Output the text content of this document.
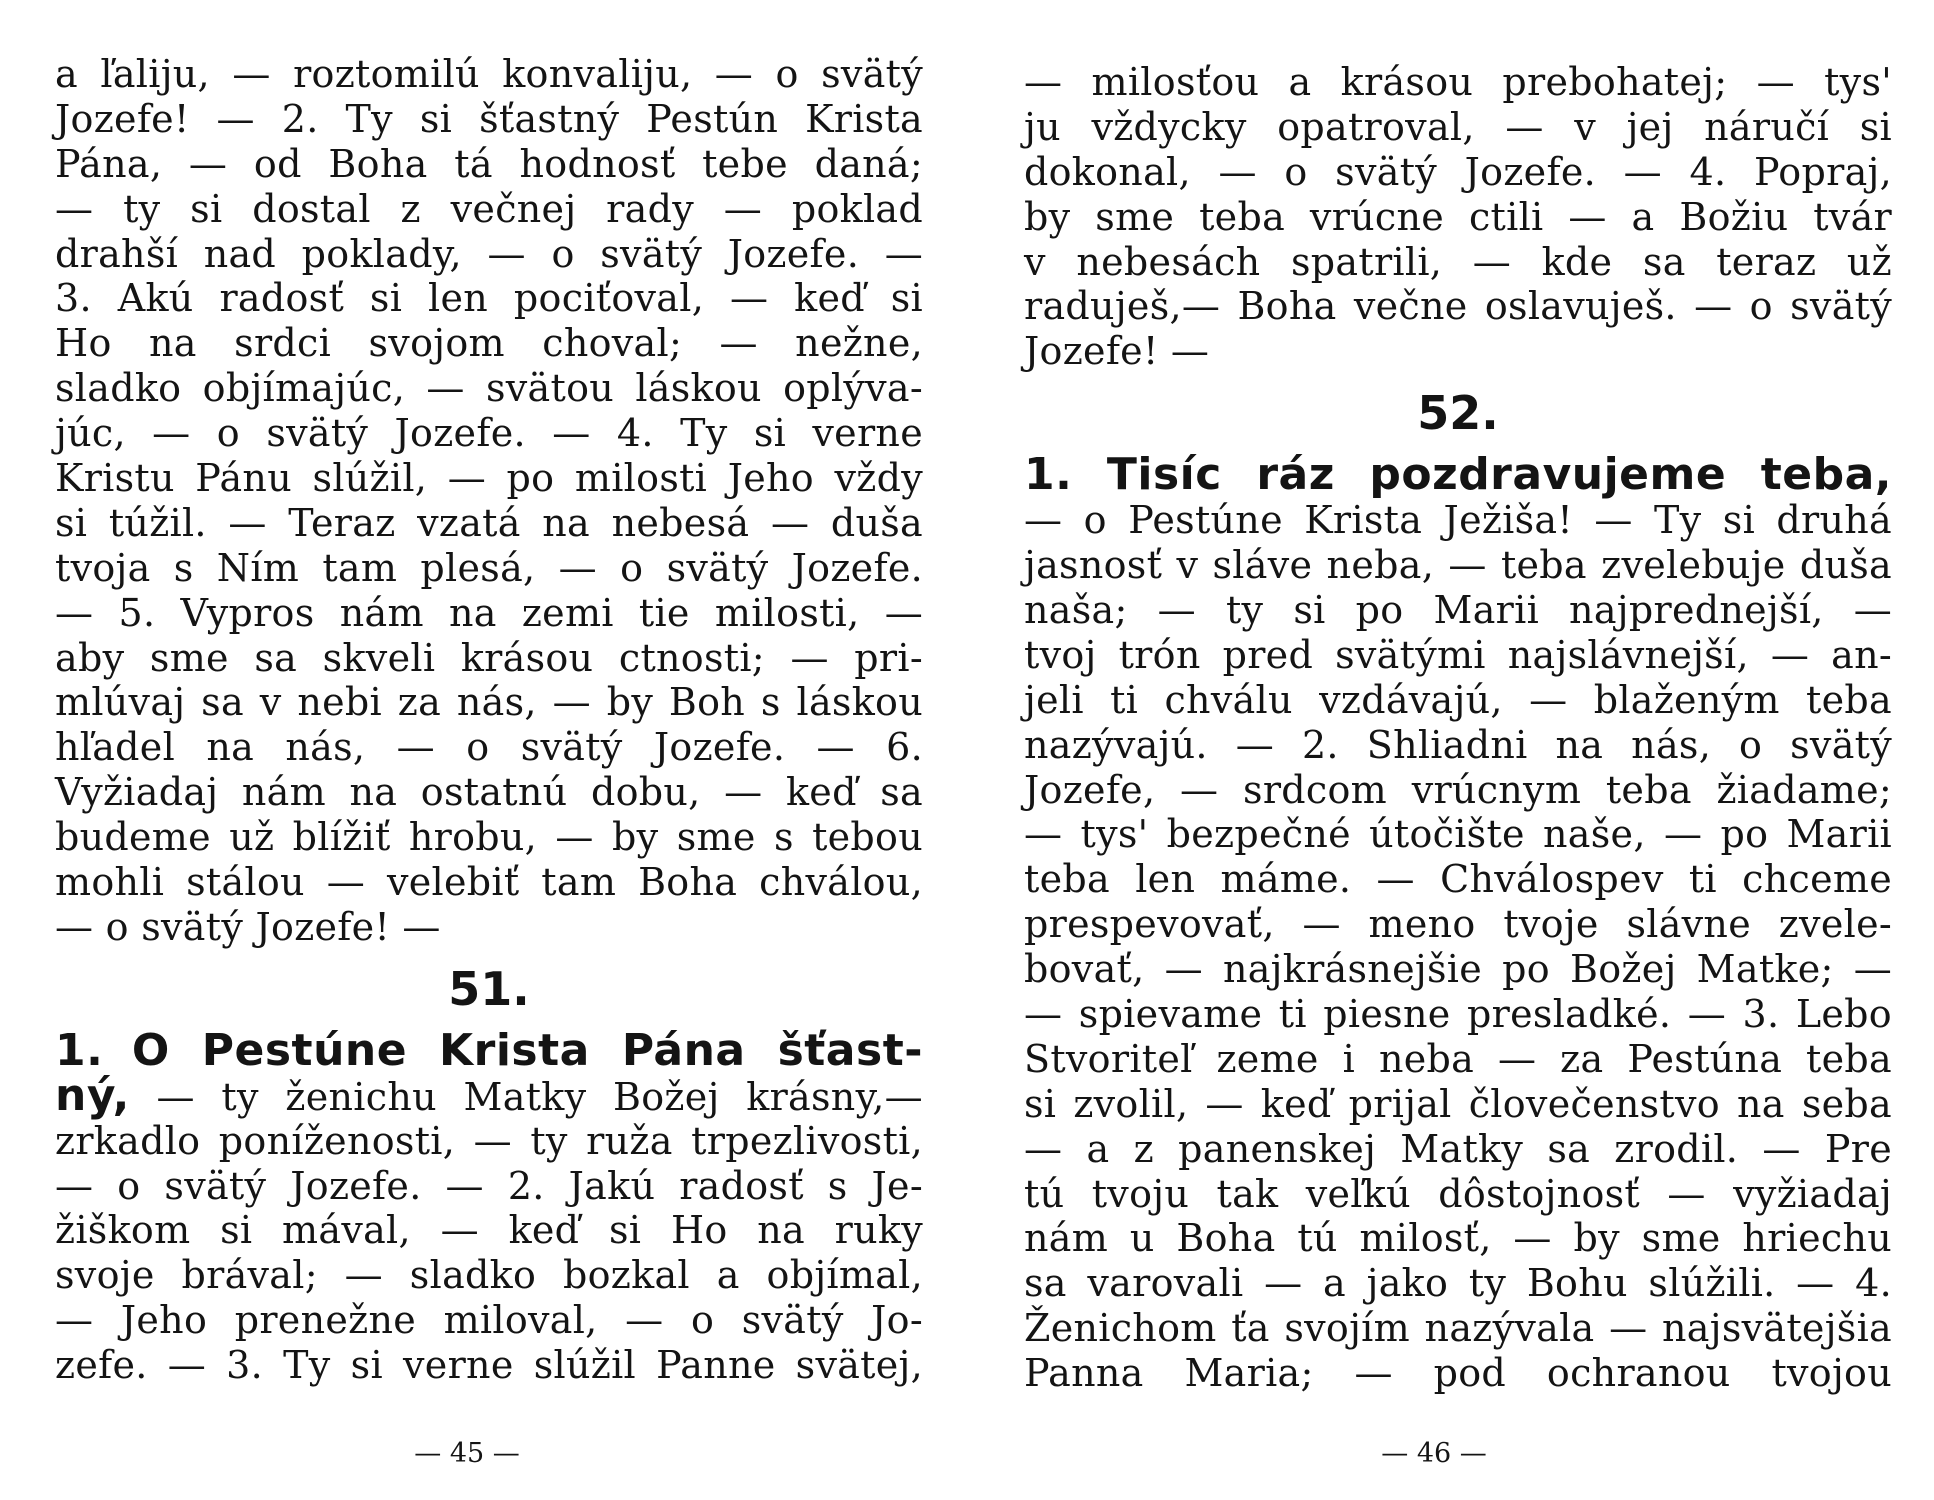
a ľaliju, — roztomilú konvaliju, — o svätý
Jozefe! — 2. Ty si šťastný Pestún Krista
Pána, — od Boha tá hodnosť tebe daná;
— ty si dostal z večnej rady — poklad
drahší nad poklady, — o svätý Jozefe. —
3. Akú radosť si len pociťoval, — keď si
Ho na srdci svojom choval; — nežne,
sladko objímajúc, — svätou láskou oplýva-
júc, — o svätý Jozefe. — 4. Ty si verne
Kristu Pánu slúžil, — po milosti Jeho vždy
si túžil. — Teraz vzatá na nebesá — duša
tvoja s Ním tam plesá, — o svätý Jozefe.
— 5. Vypros nám na zemi tie milosti, —
aby sme sa skveli krásou ctnosti; — pri-
mlúvaj sa v nebi za nás, — by Boh s láskou
hľadel na nás, — o svätý Jozefe. — 6.
Vyžiadaj nám na ostatnú dobu, — keď sa
budeme už blížiť hrobu, — by sme s tebou
mohli stálou — velebiť tam Boha chválou,
— o svätý Jozefe! —
51.
1. O Pestúne Krista Pána šťast-
ný, — ty ženichu Matky Božej krásny,—
zrkadlo poníženosti, — ty ruža trpezlivosti,
— o svätý Jozefe. — 2. Jakú radosť s Je-
žiškom si mával, — keď si Ho na ruky
svoje brával; — sladko bozkal a objímal,
— Jeho prenežne miloval, — o svätý Jo-
zefe. — 3. Ty si verne slúžil Panne svätej,
— 45 —
— milosťou a krásou prebohatej; — tys'
ju vždycky opatroval, — v jej náručí si
dokonal, — o svätý Jozefe. — 4. Popraj,
by sme teba vrúcne ctili — a Božiu tvár
v nebesách spatrili, — kde sa teraz už
raduješ,— Boha večne oslavuješ. — o svätý
Jozefe! —
52.
1. Tisíc ráz pozdravujeme teba,
— o Pestúne Krista Ježiša! — Ty si druhá
jasnosť v sláve neba, — teba zvelebuje duša
naša; — ty si po Marii najprednejší, —
tvoj trón pred svätými najslávnejší, — an-
jeli ti chválu vzdávajú, — blaženým teba
nazývajú. — 2. Shliadni na nás, o svätý
Jozefe, — srdcom vrúcnym teba žiadame;
— tys' bezpečné útočište naše, — po Marii
teba len máme. — Chválospev ti chceme
prespevovať, — meno tvoje slávne zvele-
bovať, — najkrásnejšie po Božej Matke; —
— spievame ti piesne presladké. — 3. Lebo
Stvoriteľ zeme i neba — za Pestúna teba
si zvolil, — keď prijal človečenstvo na seba
— a z panenskej Matky sa zrodil. — Pre
tú tvoju tak veľkú dôstojnosť — vyžiadaj
nám u Boha tú milosť, — by sme hriechu
sa varovali — a jako ty Bohu slúžili. — 4.
Ženichom ťa svojím nazývala — najsvätejšia
Panna Maria; — pod ochranou tvojou
— 46 —
